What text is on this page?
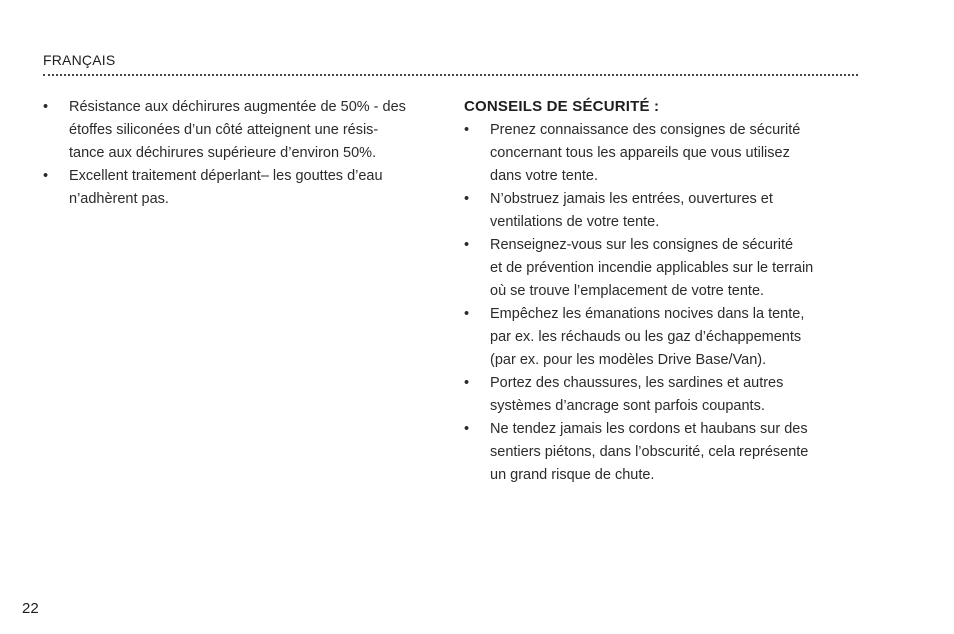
FRANÇAIS
•	Résistance aux déchirures augmentée de 50% - des
étoffes siliconées d’un côté atteignent une résis-
tance aux déchirures supérieure d’environ 50%.
•	Excellent traitement déperlant– les gouttes d’eau
n’adhèrent pas.
CONSEILS DE SÉCURITÉ :
•	Prenez connaissance des consignes de sécurité
concernant tous les appareils que vous utilisez
dans votre tente.
•	N’obstruez jamais les entrées, ouvertures et
ventilations de votre tente.
•	Renseignez-vous sur les consignes de sécurité
et de prévention incendie applicables sur le terrain
où se trouve l’emplacement de votre tente.
•	Empêchez les émanations nocives dans la tente,
par ex. les réchauds ou les gaz d’échappements
(par ex. pour les modèles Drive Base/Van).
•	Portez des chaussures, les sardines et autres
systèmes d’ancrage sont parfois coupants.
•	Ne tendez jamais les cordons et haubans sur des
sentiers piétons, dans l’obscurité, cela représente
un grand risque de chute.
22
